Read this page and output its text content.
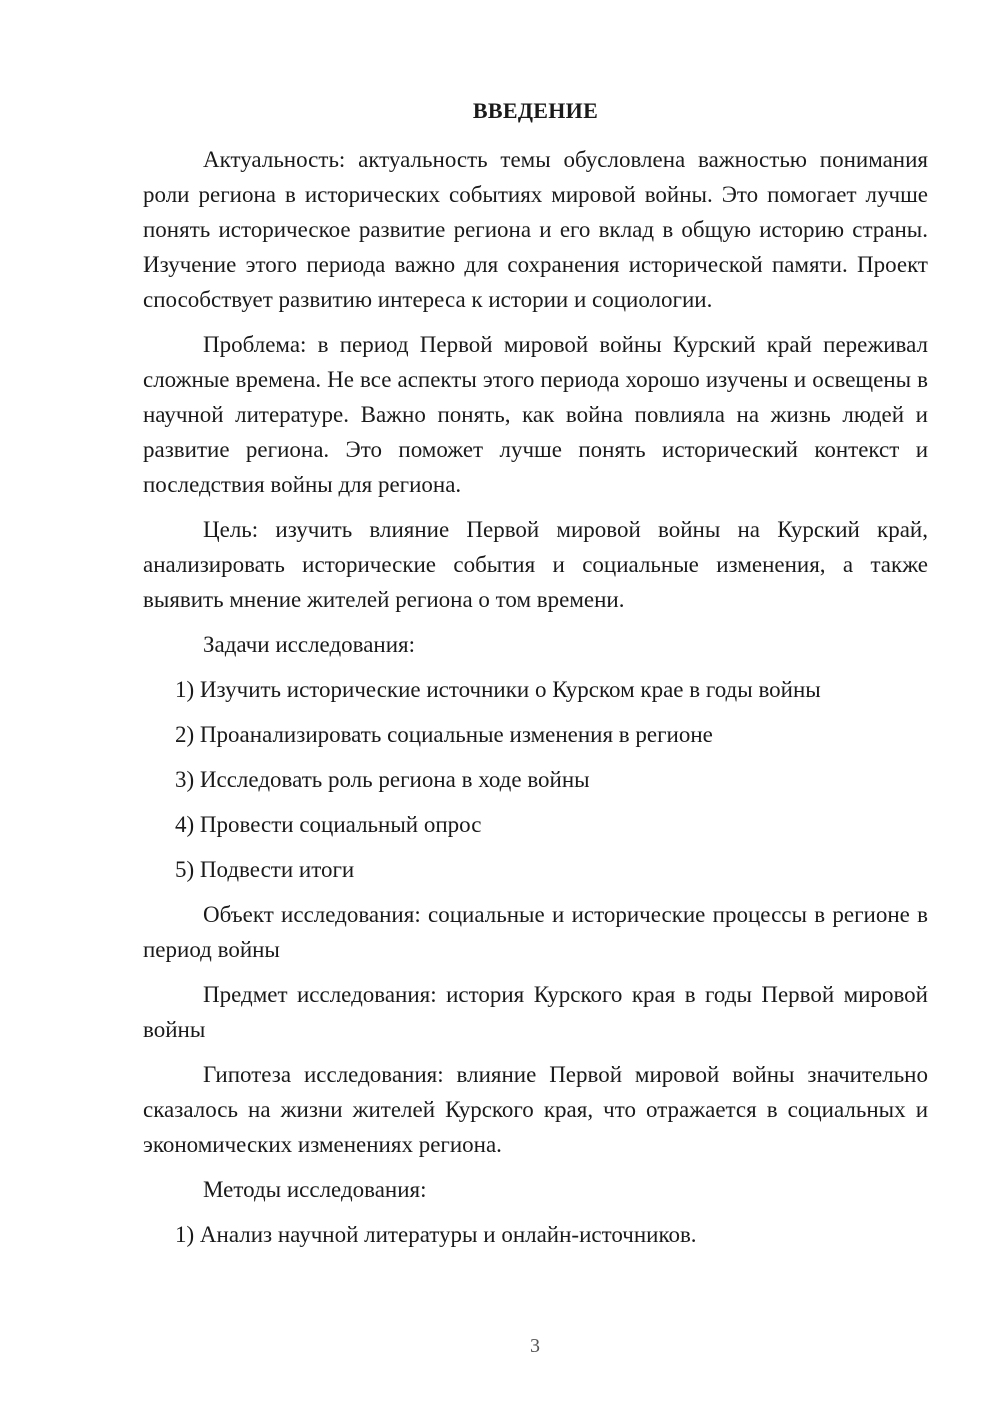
ВВЕДЕНИЕ

Актуальность: актуальность темы обусловлена важностью понимания роли региона в исторических событиях мировой войны. Это помогает лучше понять историческое развитие региона и его вклад в общую историю страны. Изучение этого периода важно для сохранения исторической памяти. Проект способствует развитию интереса к истории и социологии.

Проблема: в период Первой мировой войны Курский край переживал сложные времена. Не все аспекты этого периода хорошо изучены и освещены в научной литературе. Важно понять, как война повлияла на жизнь людей и развитие региона. Это поможет лучше понять исторический контекст и последствия войны для региона.

Цель: изучить влияние Первой мировой войны на Курский край, анализировать исторические события и социальные изменения, а также выявить мнение жителей региона о том времени.

Задачи исследования:

1) Изучить исторические источники о Курском крае в годы войны
2) Проанализировать социальные изменения в регионе
3) Исследовать роль региона в ходе войны
4) Провести социальный опрос
5) Подвести итоги

Объект исследования: социальные и исторические процессы в регионе в период войны

Предмет исследования: история Курского края в годы Первой мировой войны

Гипотеза исследования: влияние Первой мировой войны значительно сказалось на жизни жителей Курского края, что отражается в социальных и экономических изменениях региона.

Методы исследования:

1) Анализ научной литературы и онлайн-источников.
3
